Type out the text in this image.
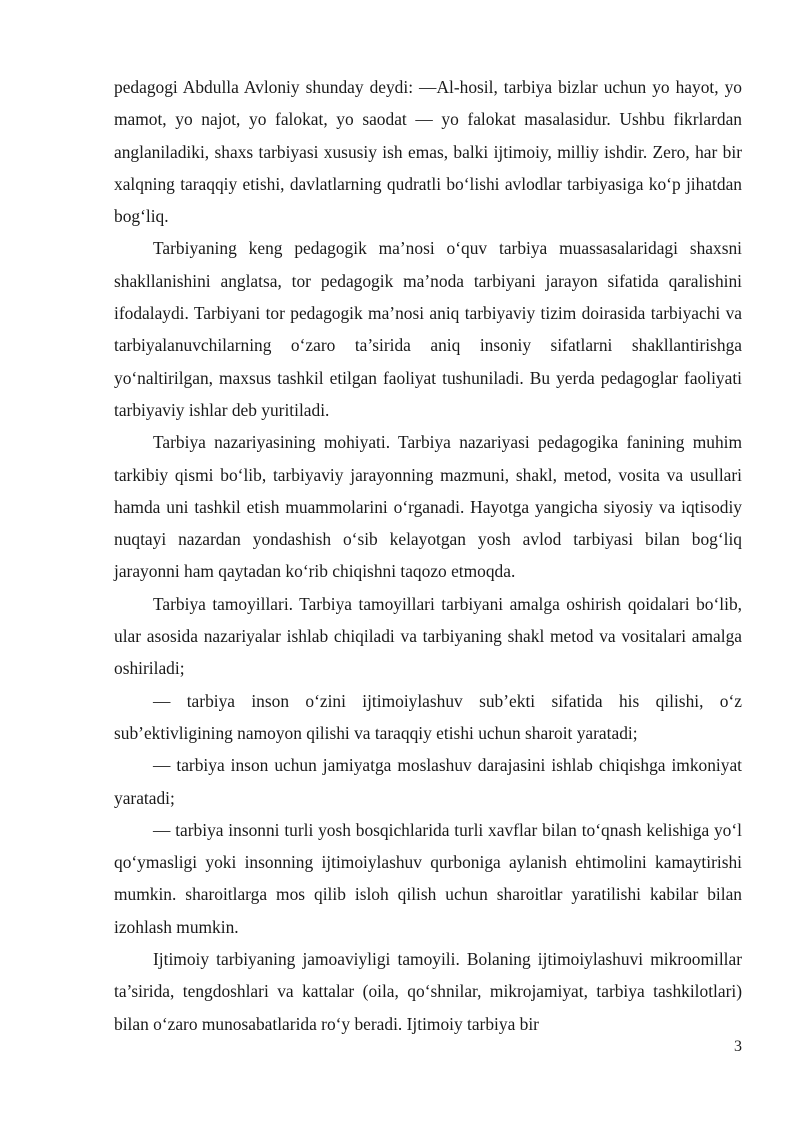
pedagogi Abdulla Avloniy shunday deydi: —Al-hosil, tarbiya bizlar uchun yo hayot, yo mamot, yo najot, yo falokat, yo saodat — yo falokat masalasidur. Ushbu fikrlardan anglaniladiki, shaxs tarbiyasi xususiy ish emas, balki ijtimoiy, milliy ishdir. Zero, har bir xalqning taraqqiy etishi, davlatlarning qudratli bo‘lishi avlodlar tarbiyasiga ko‘p jihatdan bog‘liq.

Tarbiyaning keng pedagogik ma’nosi o‘quv tarbiya muassasalaridagi shaxsni shakllanishini anglatsa, tor pedagogik ma’noda tarbiyani jarayon sifatida qaralishini ifodalaydi. Tarbiyani tor pedagogik ma’nosi aniq tarbiyaviy tizim doirasida tarbiyachi va tarbiyalanuvchilarning o‘zaro ta’sirida aniq insoniy sifatlarni shakllantirishga yo‘naltirilgan, maxsus tashkil etilgan faoliyat tushuniladi. Bu yerda pedagoglar faoliyati tarbiyaviy ishlar deb yuritiladi.

Tarbiya nazariyasining mohiyati. Tarbiya nazariyasi pedagogika fanining muhim tarkibiy qismi bo‘lib, tarbiyaviy jarayonning mazmuni, shakl, metod, vosita va usullari hamda uni tashkil etish muammolarini o‘rganadi. Hayotga yangicha siyosiy va iqtisodiy nuqtayi nazardan yondashish o‘sib kelayotgan yosh avlod tarbiyasi bilan bog‘liq jarayonni ham qaytadan ko‘rib chiqishni taqozo etmoqda.

Tarbiya tamoyillari. Tarbiya tamoyillari tarbiyani amalga oshirish qoidalari bo‘lib, ular asosida nazariyalar ishlab chiqiladi va tarbiyaning shakl metod va vositalari amalga oshiriladi;

— tarbiya inson o‘zini ijtimoiylashuv sub’ekti sifatida his qilishi, o‘z sub’ektivligining namoyon qilishi va taraqqiy etishi uchun sharoit yaratadi;

— tarbiya inson uchun jamiyatga moslashuv darajasini ishlab chiqishga imkoniyat yaratadi;

— tarbiya insonni turli yosh bosqichlarida turli xavflar bilan to‘qnash kelishiga yo‘l qo‘ymasligi yoki insonning ijtimoiylashuv qurboniga aylanish ehtimolini kamaytirishi mumkin. sharoitlarga mos qilib isloh qilish uchun sharoitlar yaratilishi kabilar bilan izohlash mumkin.

Ijtimoiy tarbiyaning jamoaviyligi tamoyili. Bolaning ijtimoiylashuvi mikroomillar ta’sirida, tengdoshlari va kattalar (oila, qo‘shnilar, mikrojamiyat, tarbiya tashkilotlari) bilan o‘zaro munosabatlarida ro‘y beradi. Ijtimoiy tarbiya bir

3
